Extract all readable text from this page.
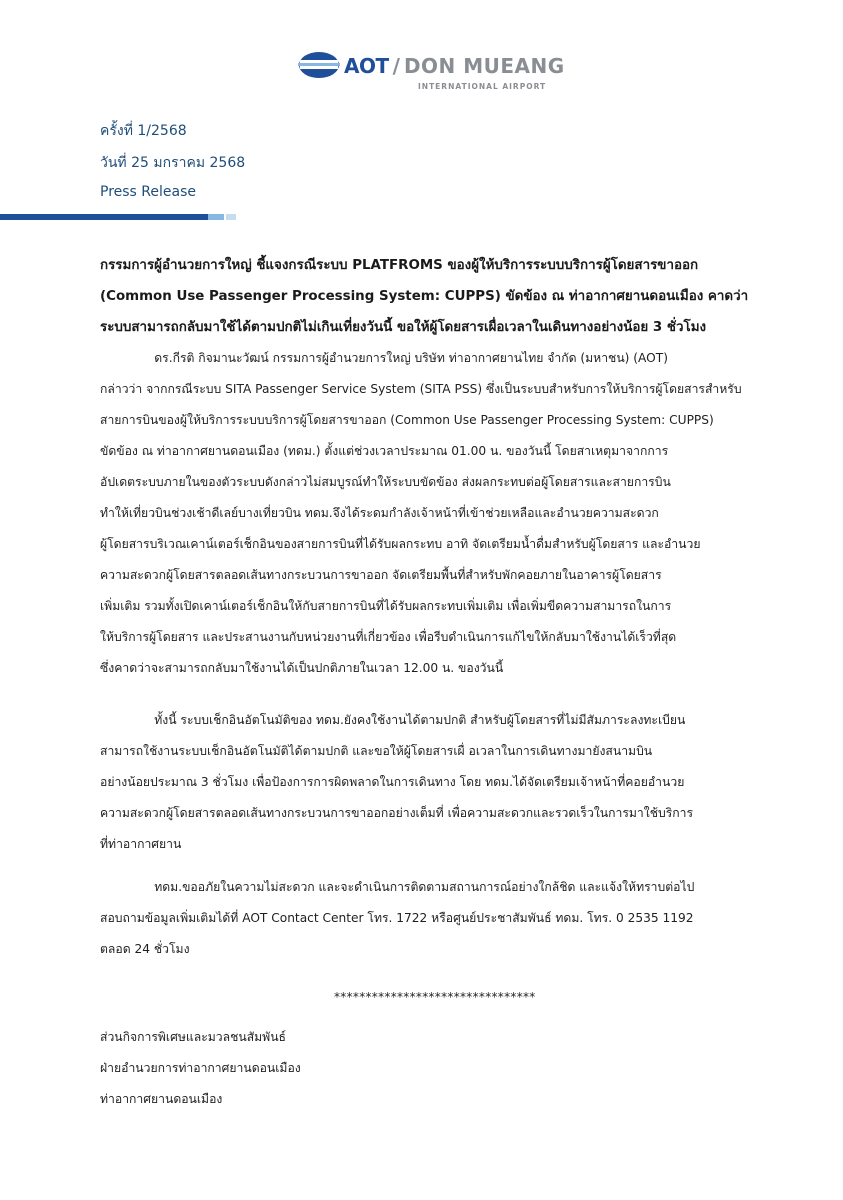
AOT / DON MUEANG
INTERNATIONAL AIRPORT
ครั้งที่ 1/2568
วันที่ 25 มกราคม 2568
Press Release
กรรมการผู้อำนวยการใหญ่ ชี้แจงกรณีระบบ PLATFROMS ของผู้ให้บริการระบบบริการผู้โดยสารขาออก
(Common Use Passenger Processing System: CUPPS) ขัดข้อง ณ ท่าอากาศยานดอนเมือง คาดว่า
ระบบสามารถกลับมาใช้ได้ตามปกติไม่เกินเที่ยงวันนี้ ขอให้ผู้โดยสารเผื่อเวลาในเดินทางอย่างน้อย 3 ชั่วโมง
ดร.กีรติ กิจมานะวัฒน์ กรรมการผู้อำนวยการใหญ่ บริษัท ท่าอากาศยานไทย จำกัด (มหาชน) (AOT)
กล่าวว่า จากกรณีระบบ SITA Passenger Service System (SITA PSS) ซึ่งเป็นระบบสำหรับการให้บริการผู้โดยสารสำหรับ
สายการบินของผู้ให้บริการระบบบริการผู้โดยสารขาออก (Common Use Passenger Processing System: CUPPS)
ขัดข้อง ณ ท่าอากาศยานดอนเมือง (ทดม.) ตั้งแต่ช่วงเวลาประมาณ 01.00 น. ของวันนี้ โดยสาเหตุมาจากการ
อัปเดตระบบภายในของตัวระบบดังกล่าวไม่สมบูรณ์ทำให้ระบบขัดข้อง ส่งผลกระทบต่อผู้โดยสารและสายการบิน
ทำให้เที่ยวบินช่วงเช้าดีเลย์บางเที่ยวบิน ทดม.จึงได้ระดมกำลังเจ้าหน้าที่เข้าช่วยเหลือและอำนวยความสะดวก
ผู้โดยสารบริเวณเคาน์เตอร์เช็กอินของสายการบินที่ได้รับผลกระทบ อาทิ จัดเตรียมน้ำดื่มสำหรับผู้โดยสาร และอำนวย
ความสะดวกผู้โดยสารตลอดเส้นทางกระบวนการขาออก จัดเตรียมพื้นที่สำหรับพักคอยภายในอาคารผู้โดยสาร
เพิ่มเติม รวมทั้งเปิดเคาน์เตอร์เช็กอินให้กับสายการบินที่ได้รับผลกระทบเพิ่มเติม เพื่อเพิ่มขีดความสามารถในการ
ให้บริการผู้โดยสาร และประสานงานกับหน่วยงานที่เกี่ยวข้อง เพื่อรีบดำเนินการแก้ไขให้กลับมาใช้งานได้เร็วที่สุด
ซึ่งคาดว่าจะสามารถกลับมาใช้งานได้เป็นปกติภายในเวลา 12.00 น. ของวันนี้
ทั้งนี้ ระบบเช็กอินอัตโนมัติของ ทดม.ยังคงใช้งานได้ตามปกติ สำหรับผู้โดยสารที่ไม่มีสัมภาระลงทะเบียน
สามารถใช้งานระบบเช็กอินอัตโนมัติได้ตามปกติ และขอให้ผู้โดยสารเผื่ อเวลาในการเดินทางมายังสนามบิน
อย่างน้อยประมาณ 3 ชั่วโมง เพื่อป้องการการผิดพลาดในการเดินทาง โดย ทดม.ได้จัดเตรียมเจ้าหน้าที่คอยอำนวย
ความสะดวกผู้โดยสารตลอดเส้นทางกระบวนการขาออกอย่างเต็มที่ เพื่อความสะดวกและรวดเร็วในการมาใช้บริการ
ที่ท่าอากาศยาน
ทดม.ขออภัยในความไม่สะดวก และจะดำเนินการติดตามสถานการณ์อย่างใกล้ชิด และแจ้งให้ทราบต่อไป
สอบถามข้อมูลเพิ่มเติมได้ที่ AOT Contact Center โทร. 1722 หรือศูนย์ประชาสัมพันธ์ ทดม. โทร. 0 2535 1192
ตลอด 24 ชั่วโมง
********************************
ส่วนกิจการพิเศษและมวลชนสัมพันธ์
ฝ่ายอำนวยการท่าอากาศยานดอนเมือง
ท่าอากาศยานดอนเมือง
